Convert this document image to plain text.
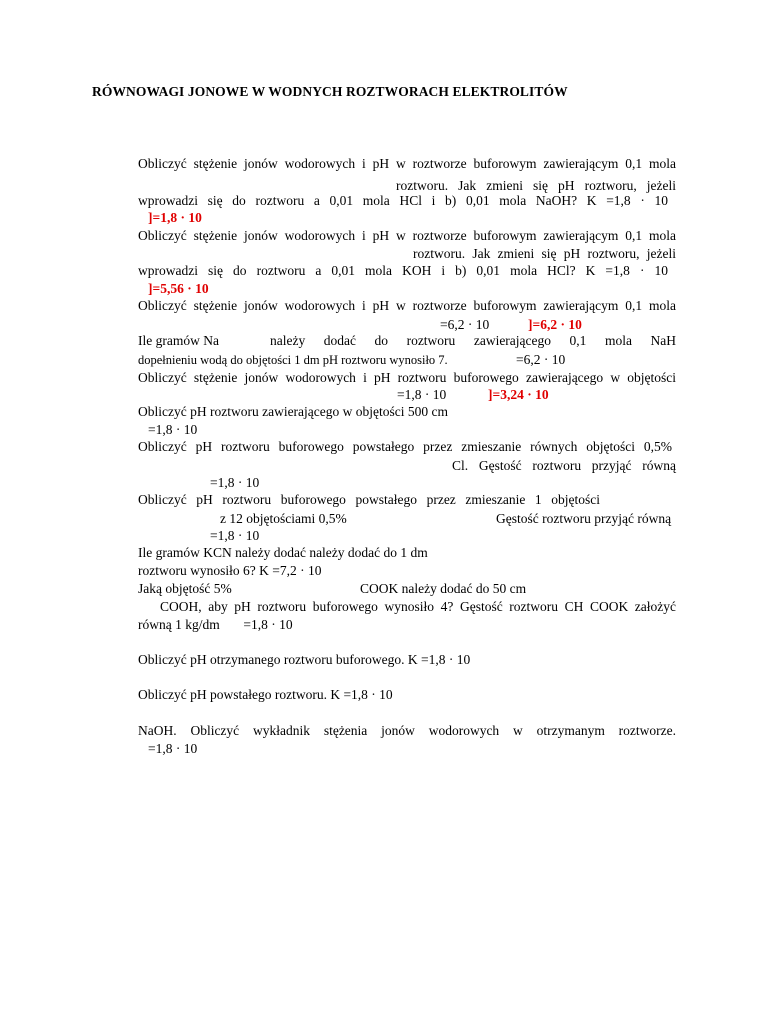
RÓWNOWAGI JONOWE W WODNYCH ROZTWORACH ELEKTROLITÓW
Obliczyć stężenie jonów wodorowych i pH w roztworze buforowym zawierającym 0,1 mola
roztworu. Jak zmieni się pH roztworu, jeżeli
wprowadzi się do roztworu a 0,01 mola HCl i b) 0,01 mola NaOH? K =1,8 · 10
]=1,8 · 10
Obliczyć stężenie jonów wodorowych i pH w roztworze buforowym zawierającym 0,1 mola
roztworu. Jak zmieni się pH roztworu, jeżeli
wprowadzi się do roztworu a 0,01 mola KOH i b) 0,01 mola HCl? K =1,8 · 10
]=5,56 · 10
Obliczyć stężenie jonów wodorowych i pH w roztworze buforowym zawierającym 0,1 mola
=6,2 · 10	]=6,2 · 10
Ile gramów Na	należy dodać do roztworu zawierającego 0,1 mola NaH
dopełnieniu wodą do objętości 1 dm pH roztworu wynosiło 7.	=6,2 · 10
Obliczyć stężenie jonów wodorowych i pH roztworu buforowego zawierającego w objętości
=1,8 · 10	]=3,24 · 10
Obliczyć pH roztworu zawierającego w objętości 500 cm
=1,8 · 10
Obliczyć pH roztworu buforowego powstałego przez zmieszanie równych objętości 0,5%
Cl. Gęstość roztworu przyjąć równą
=1,8 · 10
Obliczyć pH roztworu buforowego powstałego przez zmieszanie 1 objętości
z 12 objętościami 0,5%	Gęstość roztworu przyjąć równą
=1,8 · 10
Ile gramów KCN należy dodać należy dodać do 1 dm
roztworu wynosiło 6? K =7,2 · 10
Jaką objętość 5%	COOK należy dodać do 50 cm
COOH, aby pH roztworu buforowego wynosiło 4? Gęstość roztworu CH COOK założyć
równą 1 kg/dm       =1,8 · 10
Obliczyć pH otrzymanego roztworu buforowego. K =1,8 · 10
Obliczyć pH powstałego roztworu. K =1,8 · 10
NaOH. Obliczyć wykładnik stężenia jonów wodorowych w otrzymanym roztworze.
=1,8 · 10
